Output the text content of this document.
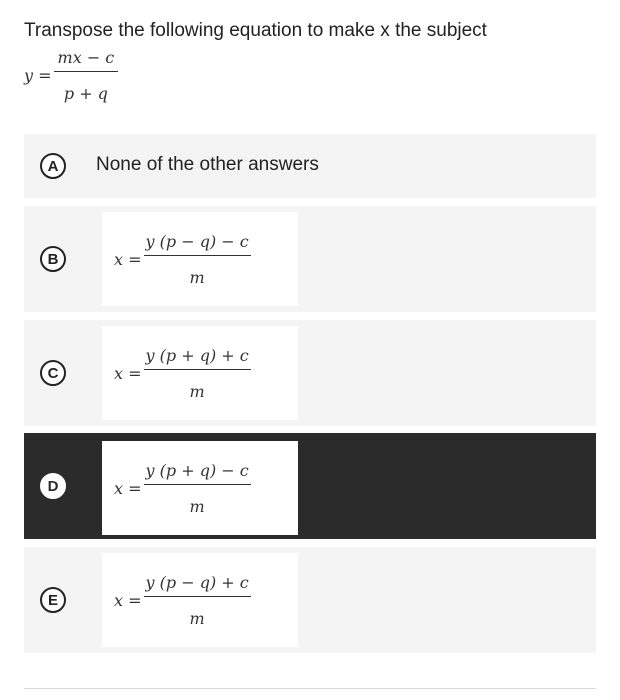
Transpose the following equation to make x the subject
$y = \frac{mx - c}{p + q}$
A	None of the other answers
B	$x = \frac{y (p - q) - c}{m}$
C	$x = \frac{y (p + q) + c}{m}$
D	$x = \frac{y (p + q) - c}{m}$
E	$x = \frac{y (p - q) + c}{m}$
